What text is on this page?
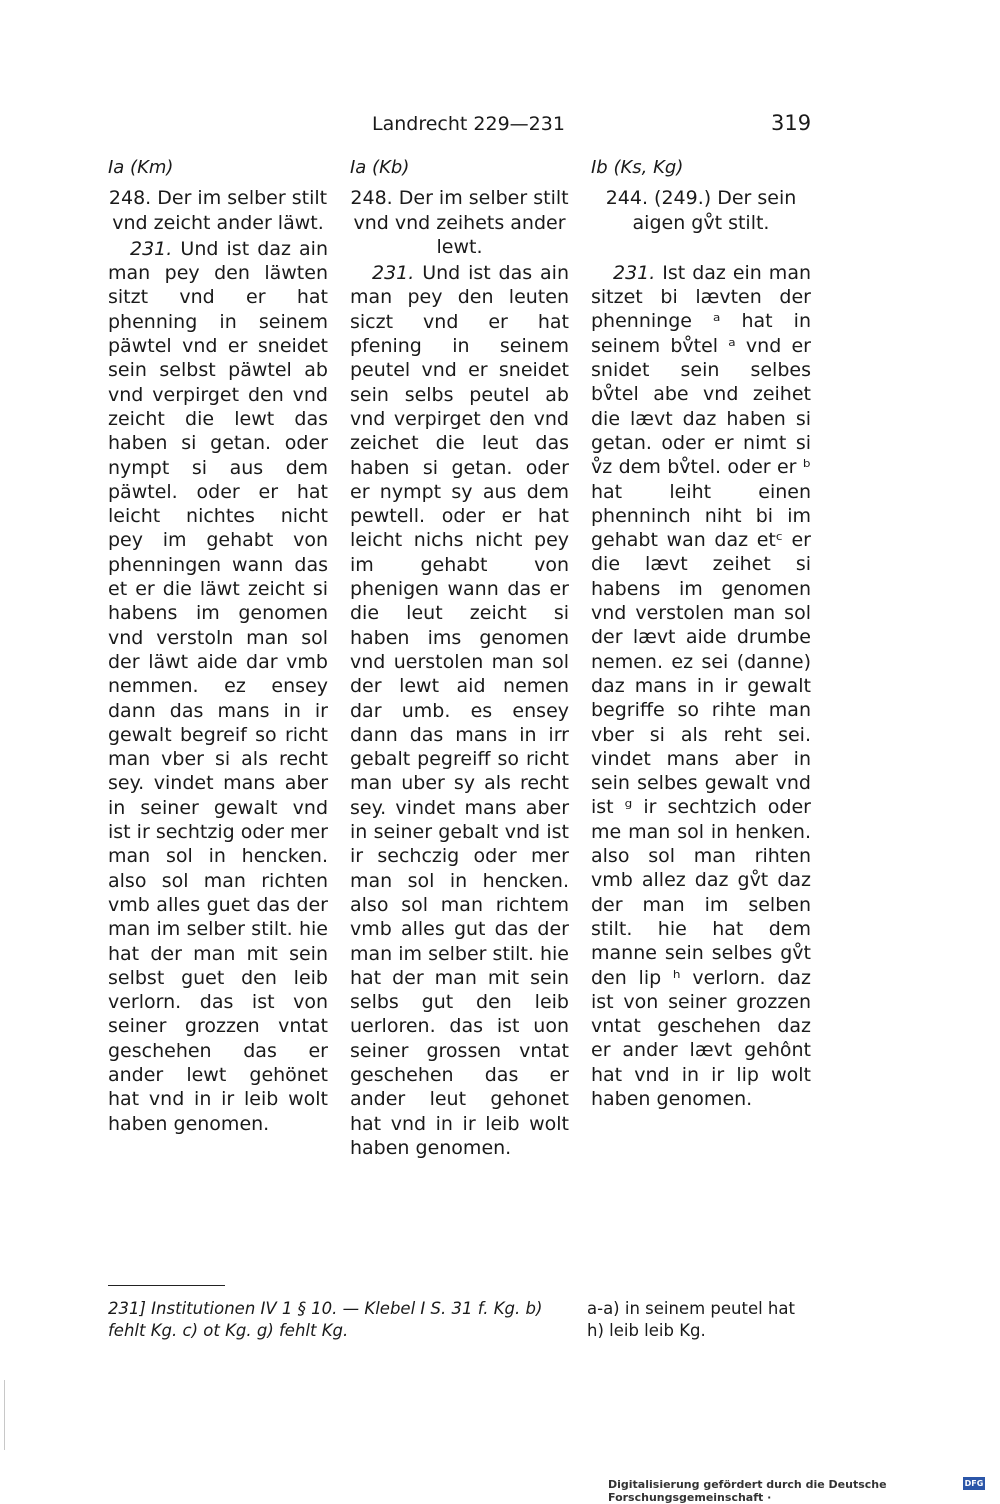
Landrecht 229—231	319
Ia (Km)
248. Der im selber stilt vnd zeicht ander läwt.

231. Und ist daz ain man pey den läwten sitzt vnd er hat phenning in seinem päwtel vnd er sneidet sein selbst päwtel ab vnd verpirget den vnd zeicht die lewt das haben si getan. oder nympt si aus dem päwtel. oder er hat leicht nichtes nicht pey im gehabt von phenningen wann das et er die läwt zeicht si habens im genomen vnd verstoln man sol der läwt aide dar vmb nemmen. ez ensey dann das mans in ir gewalt begreif so richt man vber si als recht sey. vindet mans aber in seiner gewalt vnd ist ir sechtzig oder mer man sol in hencken. also sol man richten vmb alles guet das der man im selber stilt. hie hat der man mit sein selbst guet den leib verlorn. das ist von seiner grozzen vntat geschehen das er ander lewt gehönet hat vnd in ir leib wolt haben genomen.

Ia (Kb)
248. Der im selber stilt vnd vnd zeihets ander lewt.

231. Und ist das ain man pey den leuten siczt vnd er hat pfening in seinem peutel vnd er sneidet sein selbs peutel ab vnd verpirget den vnd zeichet die leut das haben si getan. oder er nympt sy aus dem pewtell. oder er hat leicht nichs nicht pey im gehabt von phenigen wann das er die leut zeicht si haben ims genomen vnd uerstolen man sol der lewt aid nemen dar umb. es ensey dann das mans in irr gebalt pegreiff so richt man uber sy als recht sey. vindet mans aber in seiner gebalt vnd ist ir sechczig oder mer man sol in hencken. also sol man richtem vmb alles gut das der man im selber stilt. hie hat der man mit sein selbs gut den leib uerloren. das ist uon seiner grossen vntat geschehen das er ander leut gehonet hat vnd in ir leib wolt haben genomen.

Ib (Ks, Kg)
244. (249.) Der sein aigen gv̊t stilt.

231. Ist daz ein man sitzet bi lævten der phenninge ᵃ hat in seinem bv̊tel ᵃ vnd er snidet sein selbes bv̊tel abe vnd zeihet die lævt daz haben si getan. oder er nimt si v̊z dem bv̊tel. oder er ᵇ hat leiht einen phenninch niht bi im gehabt wan daz etᶜ er die lævt zeihet si habens im genomen vnd verstolen man sol der lævt aide drumbe nemen. ez sei (danne) daz mans in ir gewalt begriffe so rihte man vber si als reht sei. vindet mans aber in sein selbes gewalt vnd ist ᵍ ir sechtzich oder me man sol in henken. also sol man rihten vmb allez daz gv̊t daz der man im selben stilt. hie hat dem manne sein selbes gv̊t den lip ʰ verlorn. daz ist von seiner grozzen vntat geschehen daz er ander lævt gehônt hat vnd in ir lip wolt haben genomen.

231] Institutionen IV 1 § 10. — Klebel I S. 31 f. Kg. b) fehlt Kg. c) ot Kg. g) fehlt Kg.
a-a) in seinem peutel hat
h) leib leib Kg.
Digitalisierung gefördert durch die Deutsche Forschungsgemeinschaft ·
DFG
